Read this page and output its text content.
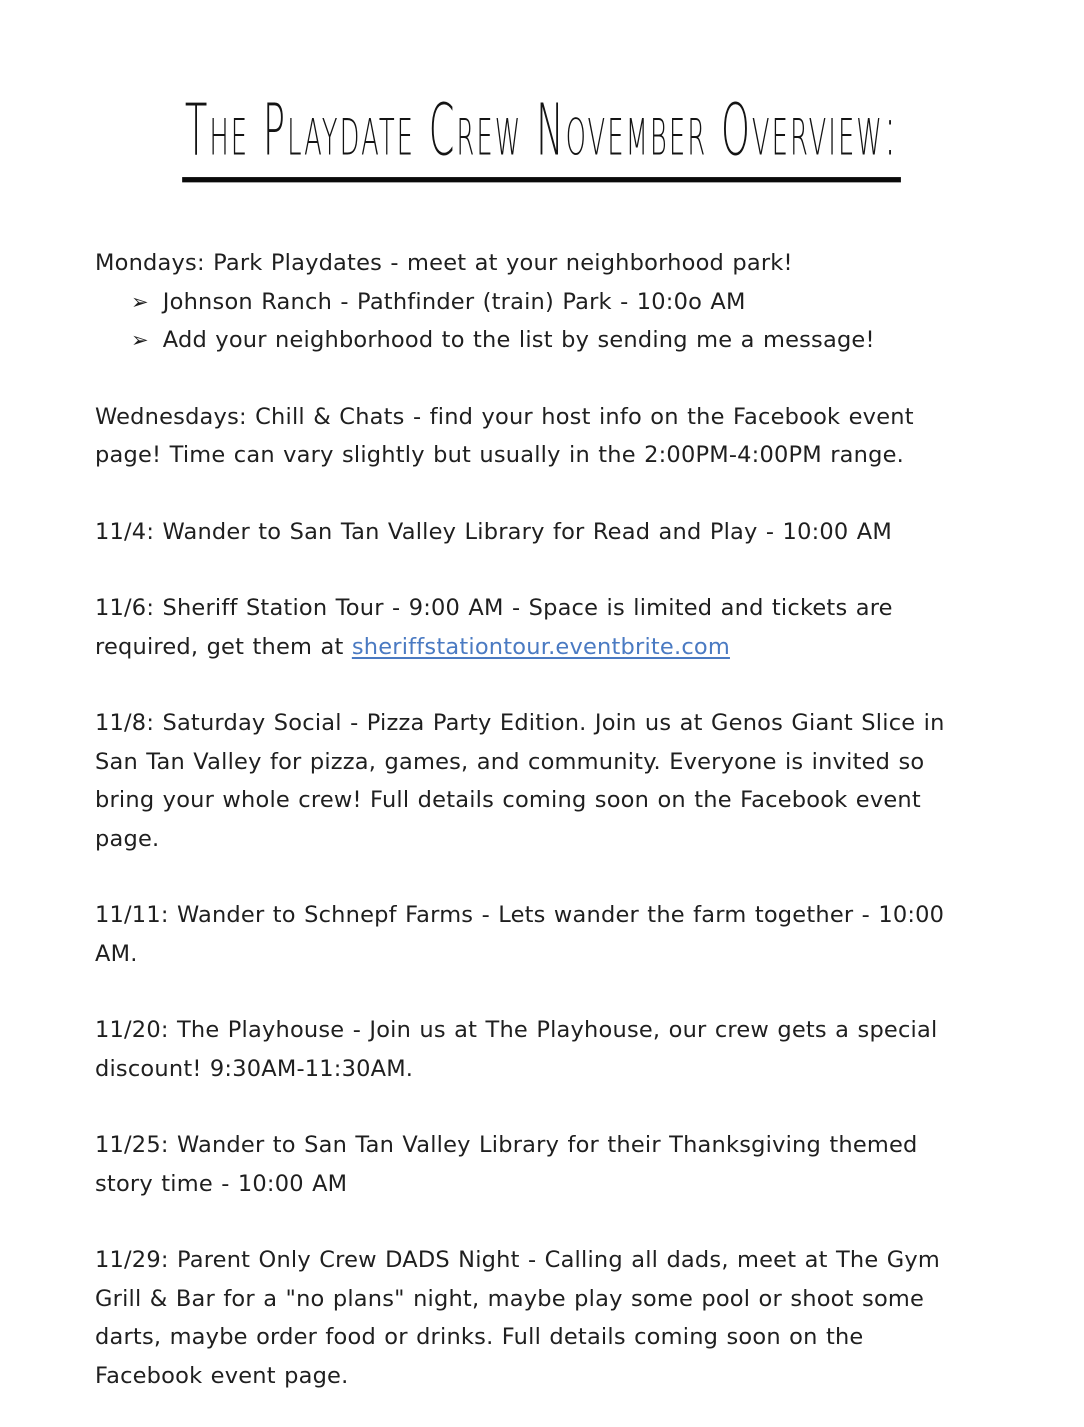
The Playdate Crew November Overview:
Mondays: Park Playdates - meet at your neighborhood park!
➢ Johnson Ranch - Pathfinder (train) Park - 10:0o AM
➢ Add your neighborhood to the list by sending me a message!

Wednesdays: Chill & Chats - find your host info on the Facebook event page! Time can vary slightly but usually in the 2:00PM-4:00PM range.

11/4: Wander to San Tan Valley Library for Read and Play - 10:00 AM

11/6: Sheriff Station Tour - 9:00 AM - Space is limited and tickets are required, get them at sheriffstationtour.eventbrite.com

11/8: Saturday Social - Pizza Party Edition. Join us at Genos Giant Slice in San Tan Valley for pizza, games, and community. Everyone is invited so bring your whole crew! Full details coming soon on the Facebook event page.

11/11: Wander to Schnepf Farms - Lets wander the farm together - 10:00 AM.

11/20: The Playhouse - Join us at The Playhouse, our crew gets a special discount! 9:30AM-11:30AM.

11/25: Wander to San Tan Valley Library for their Thanksgiving themed story time - 10:00 AM

11/29: Parent Only Crew DADS Night - Calling all dads, meet at The Gym Grill & Bar for a "no plans" night, maybe play some pool or shoot some darts, maybe order food or drinks. Full details coming soon on the Facebook event page.
